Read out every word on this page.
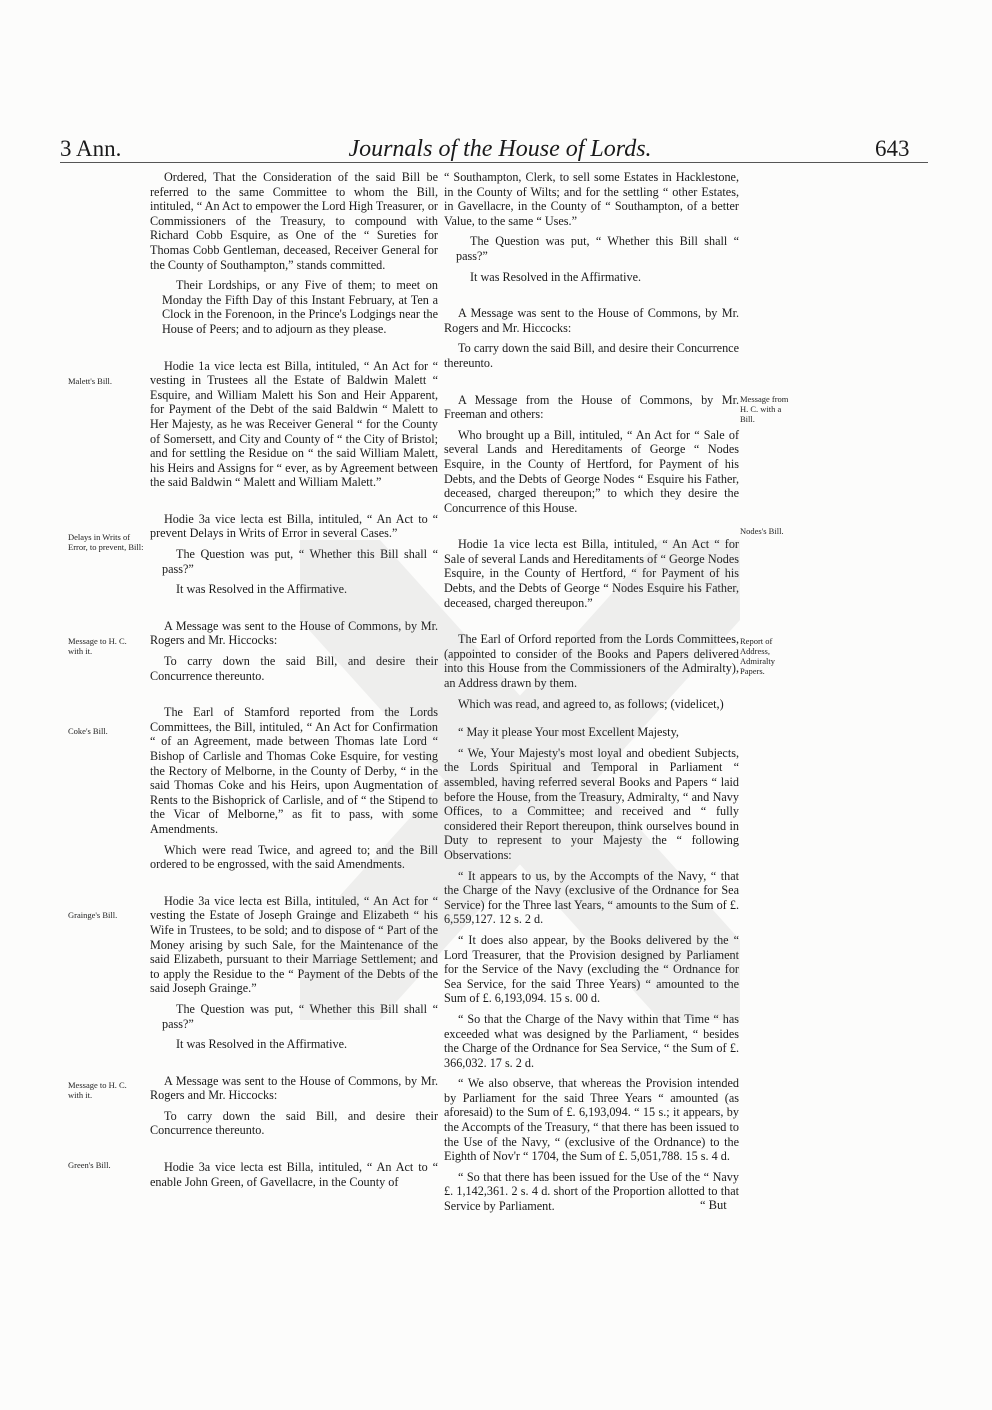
3 Ann.	Journals of the House of Lords.	643

Ordered, That the Consideration of the said Bill be referred to the same Committee to whom the Bill, intituled, “ An Act to empower the Lord High Treasurer, or Commissioners of the Treasury, to compound with Richard Cobb Esquire, as One of the “ Sureties for Thomas Cobb Gentleman, deceased, Receiver General for the County of Southampton,” stands committed.

Their Lordships, or any Five of them; to meet on Monday the Fifth Day of this Instant February, at Ten a Clock in the Forenoon, in the Prince's Lodgings near the House of Peers; and to adjourn as they please.

Hodie 1a vice lecta est Billa, intituled, “ An Act for “ vesting in Trustees all the Estate of Baldwin Malett “ Esquire, and William Malett his Son and Heir Apparent, for Payment of the Debt of the said Baldwin “ Malett to Her Majesty, as he was Receiver General “ for the County of Somersett, and City and County of “ the City of Bristol; and for settling the Residue on “ the said William Malett, his Heirs and Assigns for “ ever, as by Agreement between the said Baldwin “ Malett and William Malett.”

Hodie 3a vice lecta est Billa, intituled, “ An Act to “ prevent Delays in Writs of Error in several Cases.”

The Question was put, “ Whether this Bill shall “ pass?”

It was Resolved in the Affirmative.

A Message was sent to the House of Commons, by Mr. Rogers and Mr. Hiccocks:

To carry down the said Bill, and desire their Concurrence thereunto.

The Earl of Stamford reported from the Lords Committees, the Bill, intituled, “ An Act for Confirmation “ of an Agreement, made between Thomas late Lord “ Bishop of Carlisle and Thomas Coke Esquire, for vesting the Rectory of Melborne, in the County of Derby, “ in the said Thomas Coke and his Heirs, upon Augmentation of Rents to the Bishoprick of Carlisle, and of “ the Stipend to the Vicar of Melborne,” as fit to pass, with some Amendments.

Which were read Twice, and agreed to; and the Bill ordered to be engrossed, with the said Amendments.

Hodie 3a vice lecta est Billa, intituled, “ An Act for “ vesting the Estate of Joseph Grainge and Elizabeth “ his Wife in Trustees, to be sold; and to dispose of “ Part of the Money arising by such Sale, for the Maintenance of the said Elizabeth, pursuant to their Marriage Settlement; and to apply the Residue to the “ Payment of the Debts of the said Joseph Grainge.”

The Question was put, “ Whether this Bill shall “ pass?”

It was Resolved in the Affirmative.

A Message was sent to the House of Commons, by Mr. Rogers and Mr. Hiccocks:

To carry down the said Bill, and desire their Concurrence thereunto.

Hodie 3a vice lecta est Billa, intituled, “ An Act to “ enable John Green, of Gavellacre, in the County of

“ Southampton, Clerk, to sell some Estates in Hacklestone, in the County of Wilts; and for the settling “ other Estates, in Gavellacre, in the County of “ Southampton, of a better Value, to the same “ Uses.”

The Question was put, “ Whether this Bill shall “ pass?”

It was Resolved in the Affirmative.

A Message was sent to the House of Commons, by Mr. Rogers and Mr. Hiccocks:

To carry down the said Bill, and desire their Concurrence thereunto.

A Message from the House of Commons, by Mr. Freeman and others:

Who brought up a Bill, intituled, “ An Act for “ Sale of several Lands and Hereditaments of George “ Nodes Esquire, in the County of Hertford, for Payment of his Debts, and the Debts of George Nodes “ Esquire his Father, deceased, charged thereupon;” to which they desire the Concurrence of this House.

Hodie 1a vice lecta est Billa, intituled, “ An Act “ for Sale of several Lands and Hereditaments of “ George Nodes Esquire, in the County of Hertford, “ for Payment of his Debts, and the Debts of George “ Nodes Esquire his Father, deceased, charged thereupon.”

The Earl of Orford reported from the Lords Committees, (appointed to consider of the Books and Papers delivered into this House from the Commissioners of the Admiralty), an Address drawn by them.

Which was read, and agreed to, as follows; (videlicet,)

“ May it please Your most Excellent Majesty,

“ We, Your Majesty's most loyal and obedient Subjects, the Lords Spiritual and Temporal in Parliament “ assembled, having referred several Books and Papers “ laid before the House, from the Treasury, Admiralty, “ and Navy Offices, to a Committee; and received and “ fully considered their Report thereupon, think ourselves bound in Duty to represent to your Majesty the “ following Observations:

“ It appears to us, by the Accompts of the Navy, “ that the Charge of the Navy (exclusive of the Ordnance for Sea Service) for the Three last Years, “ amounts to the Sum of £. 6,559,127. 12 s. 2 d.

“ It does also appear, by the Books delivered by the “ Lord Treasurer, that the Provision designed by Parliament for the Service of the Navy (excluding the “ Ordnance for Sea Service, for the said Three Years) “ amounted to the Sum of £. 6,193,094. 15 s. 00 d.

“ So that the Charge of the Navy within that Time “ has exceeded what was designed by the Parliament, “ besides the Charge of the Ordnance for Sea Service, “ the Sum of £. 366,032. 17 s. 2 d.

“ We also observe, that whereas the Provision intended by Parliament for the said Three Years “ amounted (as aforesaid) to the Sum of £. 6,193,094. “ 15 s.; it appears, by the Accompts of the Treasury, “ that there has been issued to the Use of the Navy, “ (exclusive of the Ordnance) to the Eighth of Nov'r “ 1704, the Sum of £. 5,051,788. 15 s. 4 d.

“ So that there has been issued for the Use of the “ Navy £. 1,142,361. 2 s. 4 d. short of the Proportion allotted to that Service by Parliament.

Malett's Bill.
Delays in Writs of Error, to prevent, Bill:
Message to H. C. with it.
Coke's Bill.
Grainge's Bill.
Message to H. C. with it.
Green's Bill.
Message from H. C. with a Bill.
Nodes's Bill.
Report of Address, Admiralty Papers.
“ But
